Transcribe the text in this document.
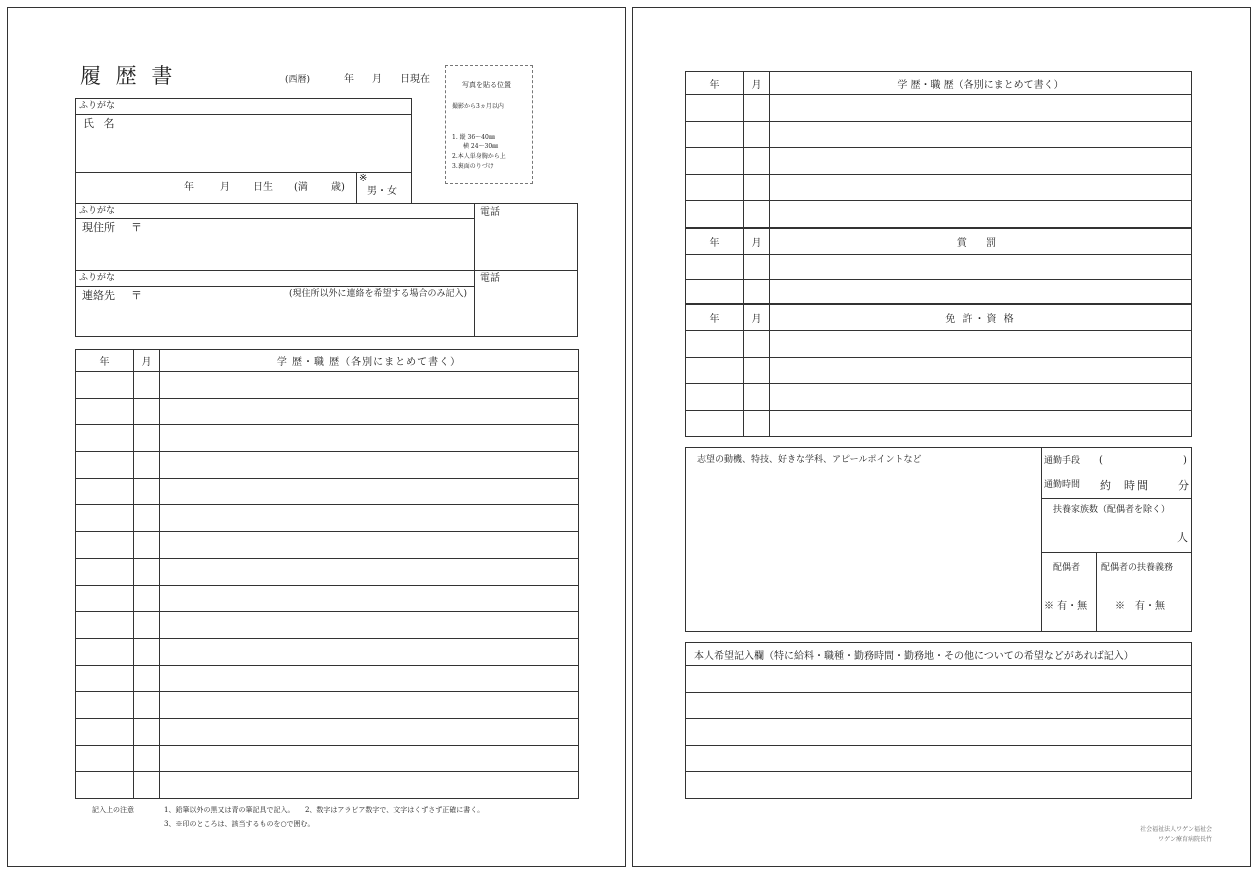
履 歴 書	(西暦)	年 月 日現在	写真を貼る位置
撮影から3ヵ月以内
1. 縦 36～40㎜
横 24～30㎜
2.本人単身胸から上
3.裏面のりづけ
ふりがな
氏 名
年	月 日生 (満 歳)
※
男・女
ふりがな
現住所 〒
電話
ふりがな
連絡先 〒	(現住所以外に連絡を希望する場合のみ記入)
電話
年	月	学 歴・職 歴（各別にまとめて書く）

記入上の注意	1、鉛筆以外の黒又は青の筆記具で記入。　　2、数字はアラビア数字で、文字はくずさず正確に書く。
3、※印のところは、該当するものを○で囲む。
年	月	学 歴・職 歴（各別にまとめて書く）

年	月	賞 罰

年	月	免 許・資 格

志望の動機、特技、好きな学科、アピールポイントなど	通勤手段 (	)
通勤時間 約 時間	分
扶養家族数（配偶者を除く）
人
配偶者
※ 有・無
配偶者の扶養義務
※　有・無
本人希望記入欄（特に給料・職種・勤務時間・勤務地・その他についての希望などがあれば記入）

社会福祉法人ワゲン福祉会
ワゲン療育病院長竹
